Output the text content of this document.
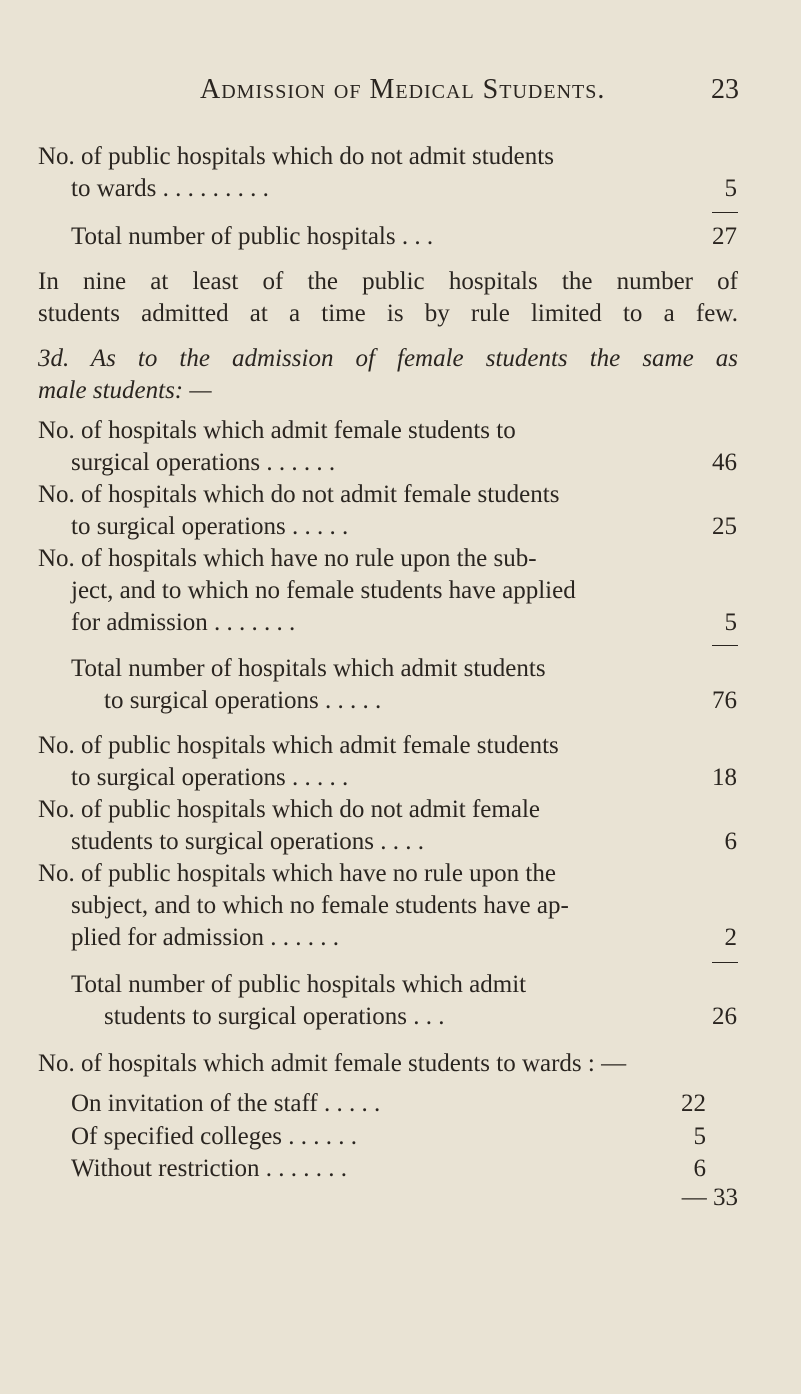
Admission of Medical Students.	23
No. of public hospitals which do not admit students
to wards . . . . . . . . .	5
Total number of public hospitals . . .	27
In nine at least of the public hospitals the number of
students admitted at a time is by rule limited to a few.
3d. As to the admission of female students the same as
male students: —
No. of hospitals which admit female students to
surgical operations . . . . . .	46
No. of hospitals which do not admit female students
to surgical operations . . . . .	25
No. of hospitals which have no rule upon the sub-
ject, and to which no female students have applied
for admission . . . . . . .	5
Total number of hospitals which admit students
to surgical operations . . . . .	76
No. of public hospitals which admit female students
to surgical operations . . . . .	18
No. of public hospitals which do not admit female
students to surgical operations . . . .	6
No. of public hospitals which have no rule upon the
subject, and to which no female students have ap-
plied for admission . . . . . .	2
Total number of public hospitals which admit
students to surgical operations . . .	26
No. of hospitals which admit female students to wards : —
On invitation of the staff . . . . .	22
Of specified colleges . . . . . .	5
Without restriction . . . . . . .	6
— 33
